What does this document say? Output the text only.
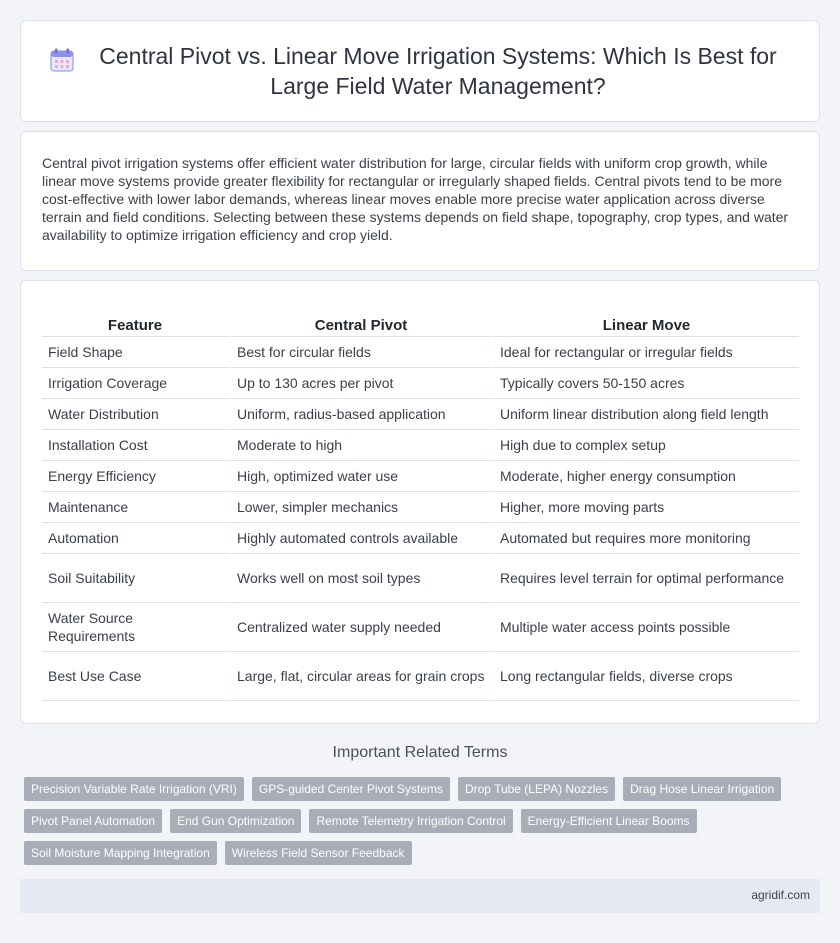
Central Pivot vs. Linear Move Irrigation Systems: Which Is Best for Large Field Water Management?

Central pivot irrigation systems offer efficient water distribution for large, circular fields with uniform crop growth, while linear move systems provide greater flexibility for rectangular or irregularly shaped fields. Central pivots tend to be more cost-effective with lower labor demands, whereas linear moves enable more precise water application across diverse terrain and field conditions. Selecting between these systems depends on field shape, topography, crop types, and water availability to optimize irrigation efficiency and crop yield.

Feature	Central Pivot	Linear Move
Field Shape	Best for circular fields	Ideal for rectangular or irregular fields
Irrigation Coverage	Up to 130 acres per pivot	Typically covers 50-150 acres
Water Distribution	Uniform, radius-based application	Uniform linear distribution along field length
Installation Cost	Moderate to high	High due to complex setup
Energy Efficiency	High, optimized water use	Moderate, higher energy consumption
Maintenance	Lower, simpler mechanics	Higher, more moving parts
Automation	Highly automated controls available	Automated but requires more monitoring
Soil Suitability	Works well on most soil types	Requires level terrain for optimal performance
Water Source Requirements	Centralized water supply needed	Multiple water access points possible
Best Use Case	Large, flat, circular areas for grain crops	Long rectangular fields, diverse crops
Important Related Terms
Precision Variable Rate Irrigation (VRI)	GPS-guided Center Pivot Systems	Drop Tube (LEPA) Nozzles	Drag Hose Linear Irrigation
Pivot Panel Automation	End Gun Optimization	Remote Telemetry Irrigation Control	Energy-Efficient Linear Booms
Soil Moisture Mapping Integration	Wireless Field Sensor Feedback
agridif.com
